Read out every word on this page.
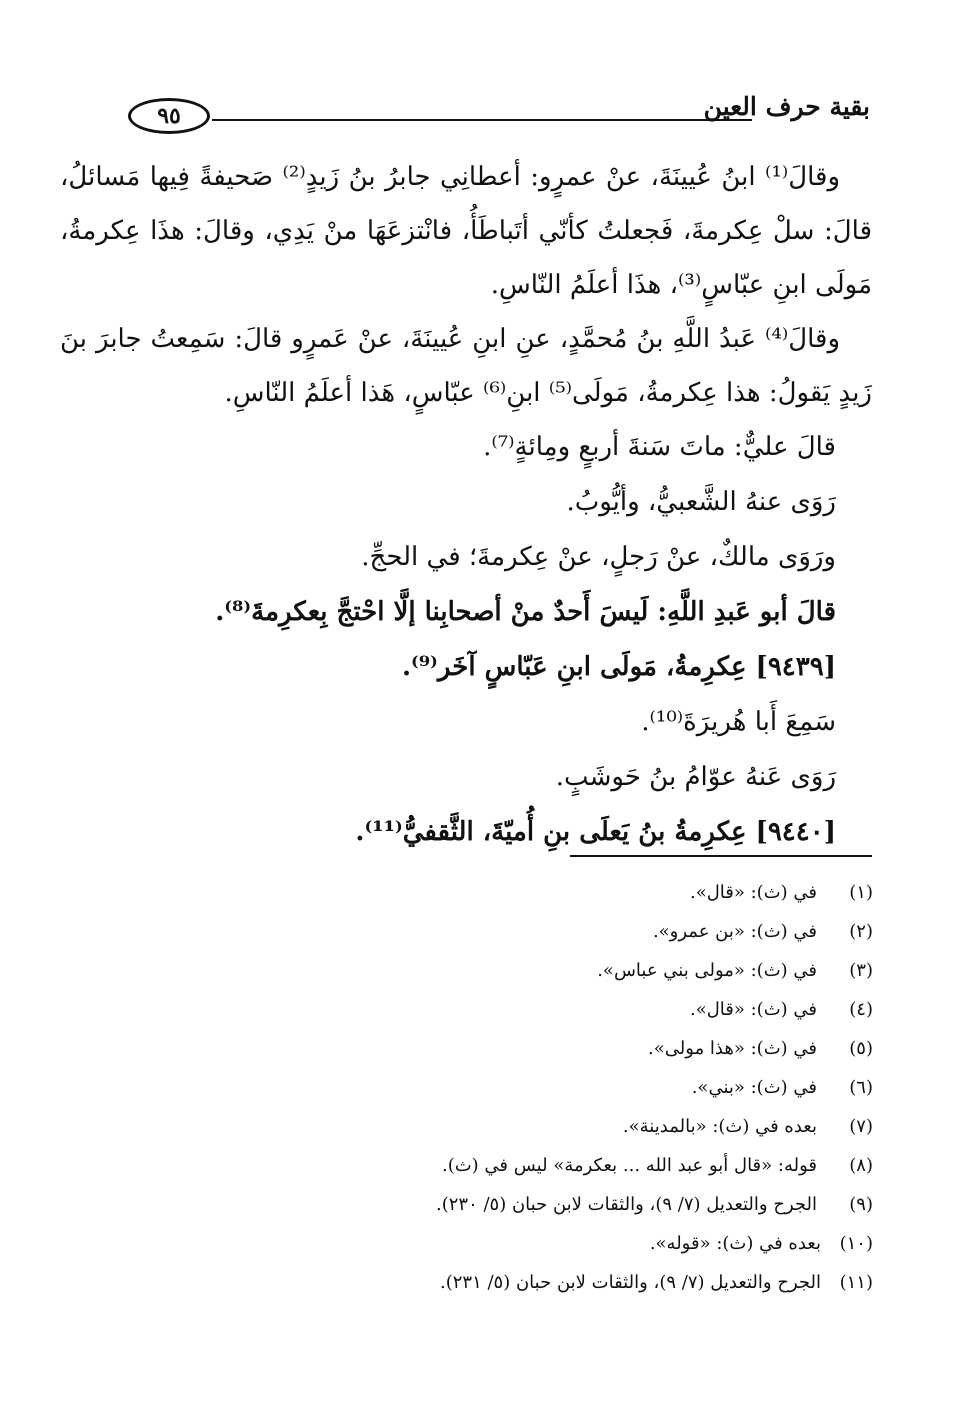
بقية حرف العين
٩٥

وقالَ⁽¹⁾ ابنُ عُيينَةَ، عنْ عمرٍو: أعطانِي جابرُ بنُ زَيدٍ⁽²⁾ صَحيفةً فِيها مَسائلُ، قالَ: سلْ عِكرمةَ، فَجعلتُ كأنّي أتَباطَأُ، فانْتزعَهَا منْ يَدِي، وقالَ: هذَا عِكرمةُ، مَولَى ابنِ عبّاسٍ⁽³⁾، هذَا أعلَمُ النّاسِ.

وقالَ⁽⁴⁾ عَبدُ اللَّهِ بنُ مُحمَّدٍ، عنِ ابنِ عُيينَةَ، عنْ عَمرٍو قالَ: سَمِعتُ جابرَ بنَ زَيدٍ يَقولُ: هذا عِكرمةُ، مَولَى⁽⁵⁾ ابنِ⁽⁶⁾ عبّاسٍ، هَذا أعلَمُ النّاسِ.

قالَ عليٌّ: ماتَ سَنةَ أربعٍ ومِائةٍ⁽⁷⁾.

رَوَى عنهُ الشَّعبيُّ، وأيُّوبُ.

ورَوَى مالكٌ، عنْ رَجلٍ، عنْ عِكرمةَ؛ في الحجِّ.

قالَ أبو عَبدِ اللَّهِ: لَيسَ أَحدٌ منْ أصحابِنا إلَّا احْتجَّ بِعكرِمةَ⁽⁸⁾.

[٩٤٣٩] عِكرِمةُ، مَولَى ابنِ عَبّاسٍ آخَر⁽⁹⁾.

سَمِعَ أَبا هُريرَةَ⁽¹⁰⁾.

رَوَى عَنهُ عوّامُ بنُ حَوشَبٍ.

[٩٤٤٠] عِكرِمةُ بنُ يَعلَى بنِ أُميّةَ، الثَّقفيُّ⁽¹¹⁾.

(١)
في (ث): «قال».
(٢)
في (ث): «بن عمرو».
(٣)
في (ث): «مولى بني عباس».
(٤)
في (ث): «قال».
(٥)
في (ث): «هذا مولى».
(٦)
في (ث): «بني».
(٧)
بعده في (ث): «بالمدينة».
(٨)
قوله: «قال أبو عبد الله ... بعكرمة» ليس في (ث).
(٩)
الجرح والتعديل (٧/ ٩)، والثقات لابن حبان (٥/ ٢٣٠).
(١٠)
بعده في (ث): «قوله».
(١١)
الجرح والتعديل (٧/ ٩)، والثقات لابن حبان (٥/ ٢٣١).
